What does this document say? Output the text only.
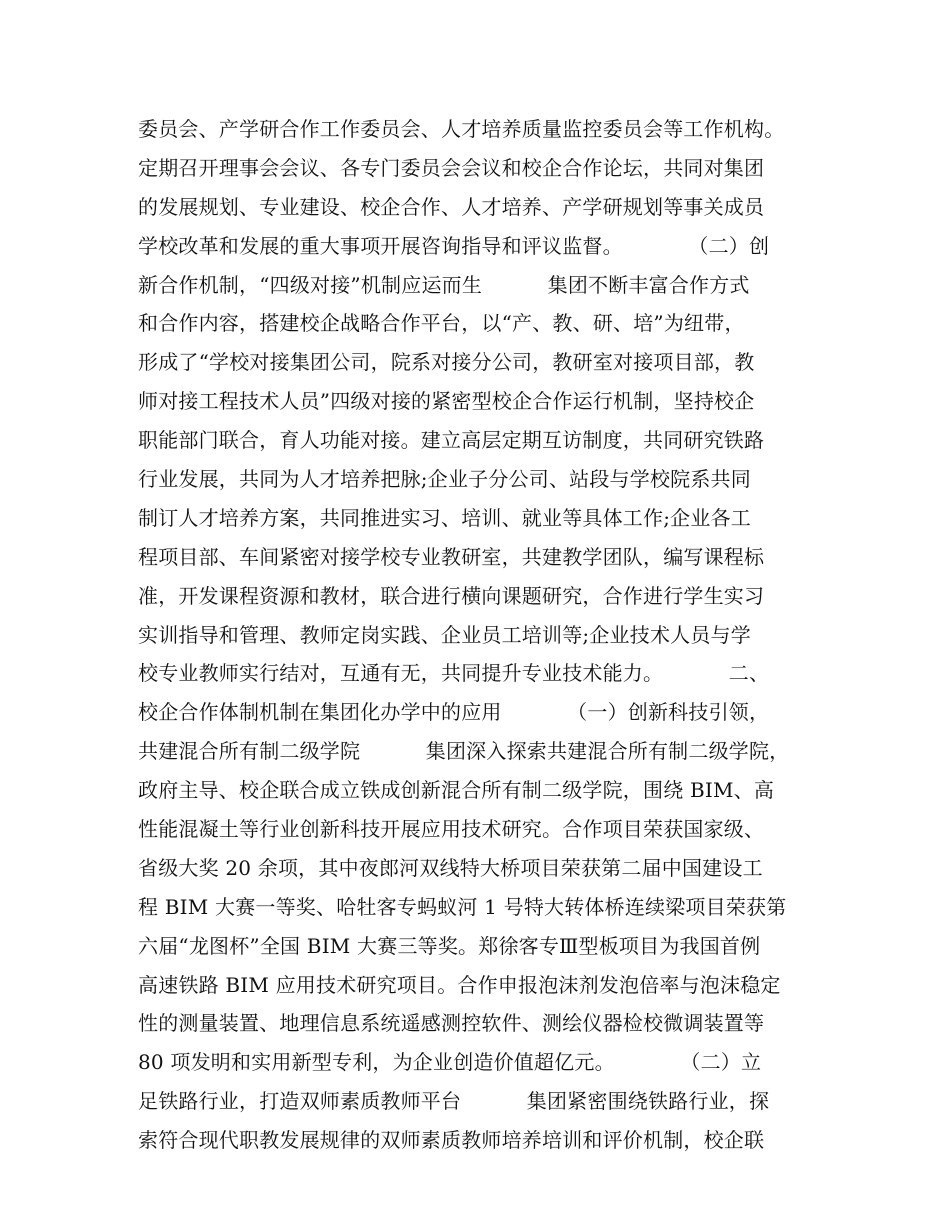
委员会、产学研合作工作委员会、人才培养质量监控委员会等工作机构。
定期召开理事会会议、各专门委员会会议和校企合作论坛，共同对集团
的发展规划、专业建设、校企合作、人才培养、产学研规划等事关成员
学校改革和发展的重大事项开展咨询指导和评议监督。          （二）创
新合作机制，“四级对接”机制应运而生          集团不断丰富合作方式
和合作内容，搭建校企战略合作平台，以“产、教、研、培”为纽带，
形成了“学校对接集团公司，院系对接分公司，教研室对接项目部，教
师对接工程技术人员”四级对接的紧密型校企合作运行机制，坚持校企
职能部门联合，育人功能对接。建立高层定期互访制度，共同研究铁路
行业发展，共同为人才培养把脉;企业子分公司、站段与学校院系共同
制订人才培养方案，共同推进实习、培训、就业等具体工作;企业各工
程项目部、车间紧密对接学校专业教研室，共建教学团队，编写课程标
准，开发课程资源和教材，联合进行横向课题研究，合作进行学生实习
实训指导和管理、教师定岗实践、企业员工培训等;企业技术人员与学
校专业教师实行结对，互通有无，共同提升专业技术能力。          二、
校企合作体制机制在集团化办学中的应用          （一）创新科技引领，
共建混合所有制二级学院          集团深入探索共建混合所有制二级学院，
政府主导、校企联合成立铁成创新混合所有制二级学院，围绕 BIM、高
性能混凝土等行业创新科技开展应用技术研究。合作项目荣获国家级、
省级大奖 20 余项，其中夜郎河双线特大桥项目荣获第二届中国建设工
程 BIM 大赛一等奖、哈牡客专蚂蚁河 1 号特大转体桥连续梁项目荣获第
六届“龙图杯”全国 BIM 大赛三等奖。郑徐客专Ⅲ型板项目为我国首例
高速铁路 BIM 应用技术研究项目。合作申报泡沫剂发泡倍率与泡沫稳定
性的测量装置、地理信息系统遥感测控软件、测绘仪器检校微调装置等
80 项发明和实用新型专利，为企业创造价值超亿元。          （二）立
足铁路行业，打造双师素质教师平台          集团紧密围绕铁路行业，探
索符合现代职教发展规律的双师素质教师培养培训和评价机制，校企联
